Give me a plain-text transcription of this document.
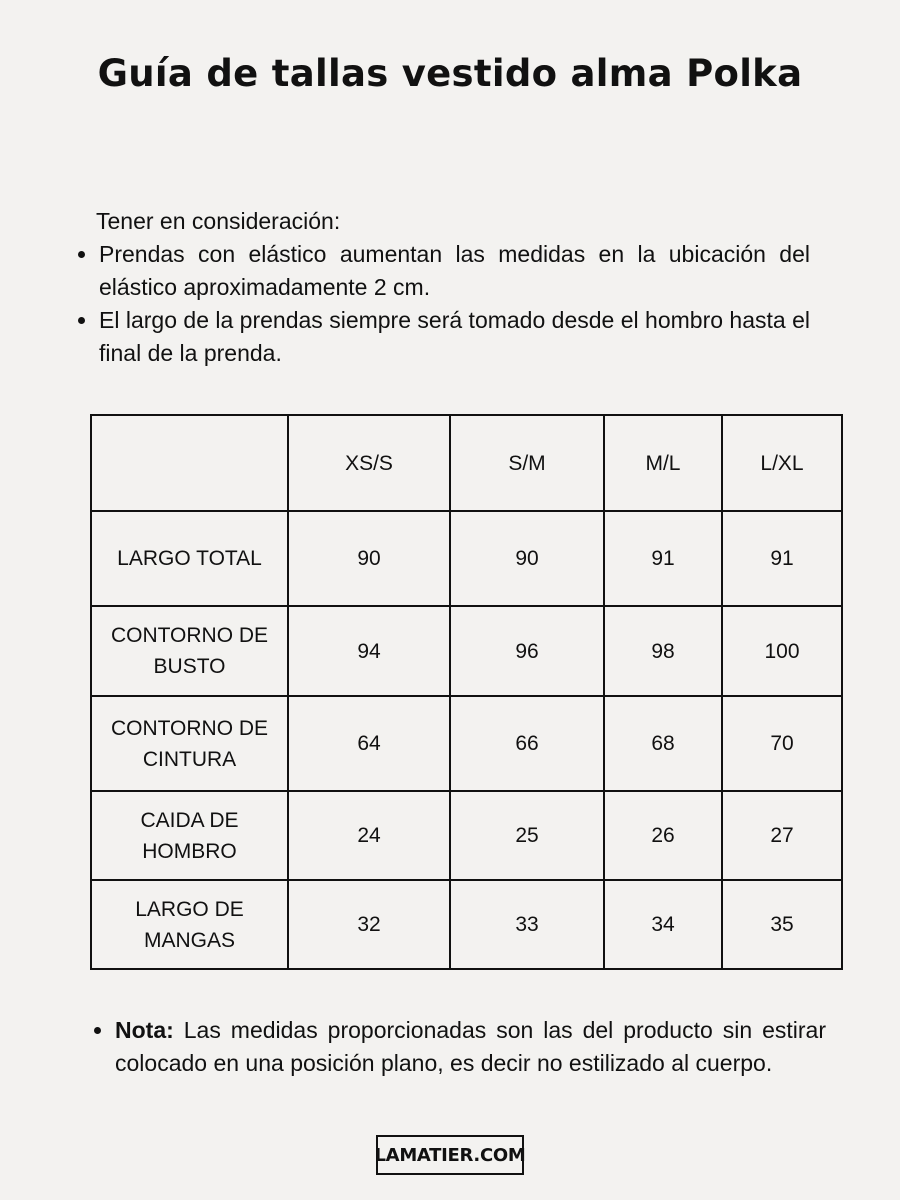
Guía de tallas vestido alma Polka
Tener en consideración:
Prendas con elástico aumentan las medidas en la ubicación del elástico aproximadamente 2 cm.
El largo de la prendas siempre será tomado desde el hombro hasta el final de la prenda.
	XS/S	S/M	M/L	L/XL
LARGO TOTAL	90	90	91	91
CONTORNO DE
BUSTO	94	96	98	100
CONTORNO DE
CINTURA	64	66	68	70
CAIDA DE
HOMBRO	24	25	26	27
LARGO DE
MANGAS	32	33	34	35
Nota: Las medidas proporcionadas son las del producto sin estirar colocado en una posición plano, es decir no estilizado al cuerpo.
LAMATIER.COM
